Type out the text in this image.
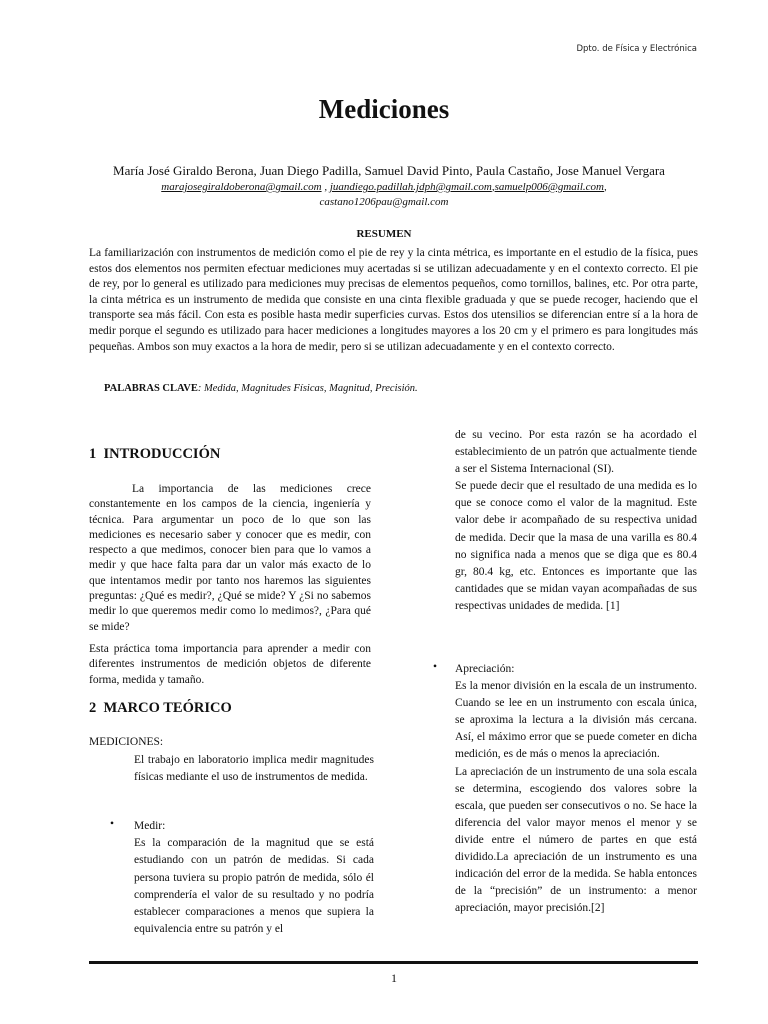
Dpto. de Física y Electrónica
Mediciones
María José Giraldo Berona, Juan Diego Padilla, Samuel David Pinto, Paula Castaño, Jose Manuel Vergara
marajosegiraldoberona@gmail.com , juandiego.padillah.jdph@gmail.com,samuelp006@gmail.com,
castano1206pau@gmail.com
RESUMEN

La familiarización con instrumentos de medición como el pie de rey y la cinta métrica, es importante en el estudio de la física, pues estos dos elementos nos permiten efectuar mediciones muy acertadas si se utilizan adecuadamente y en el contexto correcto. El pie de rey, por lo general es utilizado para mediciones muy precisas de elementos pequeños, como tornillos, balines, etc. Por otra parte, la cinta métrica es un instrumento de medida que consiste en una cinta flexible graduada y que se puede recoger, haciendo que el transporte sea más fácil. Con esta es posible hasta medir superficies curvas. Estos dos utensilios se diferencian entre sí a la hora de medir porque el segundo es utilizado para hacer mediciones a longitudes mayores a los 20 cm y el primero es para longitudes más pequeñas. Ambos son muy exactos a la hora de medir, pero si se utilizan adecuadamente y en el contexto correcto.

PALABRAS CLAVE: Medida, Magnitudes Físicas, Magnitud, Precisión.
1 INTRODUCCIÓN

La importancia de las mediciones crece constantemente en los campos de la ciencia, ingeniería y técnica. Para argumentar un poco de lo que son las mediciones es necesario saber y conocer que es medir, con respecto a que medimos, conocer bien para que lo vamos a medir y que hace falta para dar un valor más exacto de lo que intentamos medir por tanto nos haremos las siguientes preguntas: ¿Qué es medir?, ¿Qué se mide? Y ¿Si no sabemos medir lo que queremos medir como lo medimos?, ¿Para qué se mide?

Esta práctica toma importancia para aprender a medir con diferentes instrumentos de medición objetos de diferente forma, medida y tamaño.

2 MARCO TEÓRICO

MEDICIONES:

El trabajo en laboratorio implica medir magnitudes físicas mediante el uso de instrumentos de medida.

• Medir:

Es la comparación de la magnitud que se está estudiando con un patrón de medidas. Si cada persona tuviera su propio patrón de medida, sólo él comprendería el valor de su resultado y no podría establecer comparaciones a menos que supiera la equivalencia entre su patrón y el

de su vecino. Por esta razón se ha acordado el establecimiento de un patrón que actualmente tiende a ser el Sistema Internacional (SI).

Se puede decir que el resultado de una medida es lo que se conoce como el valor de la magnitud. Este valor debe ir acompañado de su respectiva unidad de medida. Decir que la masa de una varilla es 80.4 no significa nada a menos que se diga que es 80.4 gr, 80.4 kg, etc. Entonces es importante que las cantidades que se midan vayan acompañadas de sus respectivas unidades de medida. [1]

• Apreciación:

Es la menor división en la escala de un instrumento. Cuando se lee en un instrumento con escala única, se aproxima la lectura a la división más cercana. Así, el máximo error que se puede cometer en dicha medición, es de más o menos la apreciación.

La apreciación de un instrumento de una sola escala se determina, escogiendo dos valores sobre la escala, que pueden ser consecutivos o no. Se hace la diferencia del valor mayor menos el menor y se divide entre el número de partes en que está dividido.La apreciación de un instrumento es una indicación del error de la medida. Se habla entonces de la “precisión” de un instrumento: a menor apreciación, mayor precisión.[2]

1
